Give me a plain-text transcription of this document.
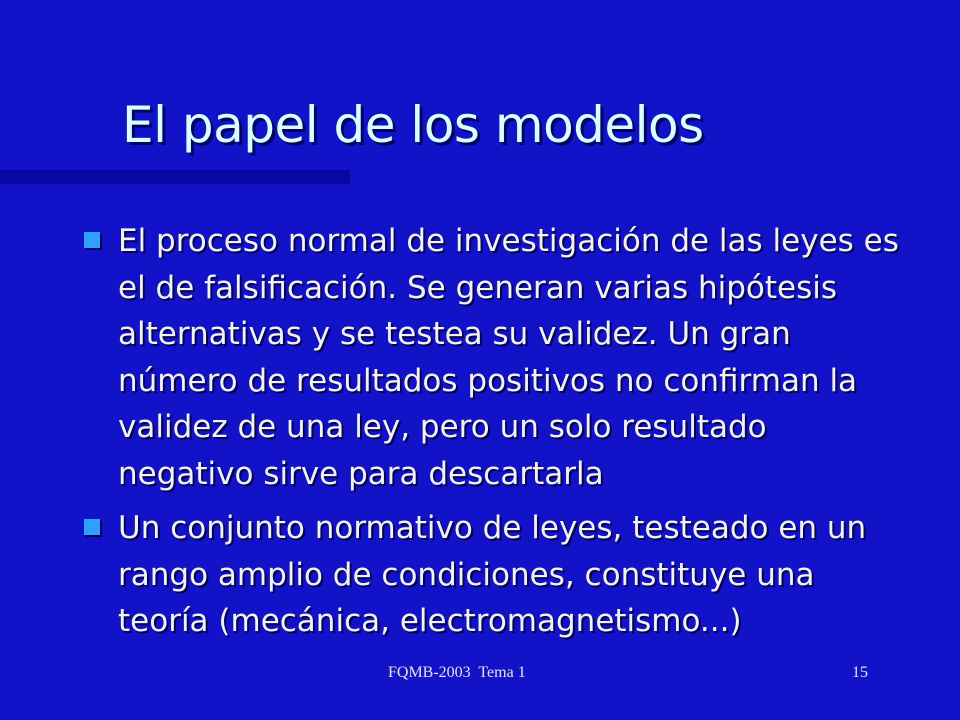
El papel de los modelos
El proceso normal de investigación de las leyes es el de falsificación. Se generan varias hipótesis alternativas y se testea su validez. Un gran número de resultados positivos no confirman la validez de una ley, pero un solo resultado negativo sirve para descartarla
Un conjunto normativo de leyes, testeado en un rango amplio de condiciones, constituye una teoría (mecánica, electromagnetismo...)
FQMB-2003  Tema 1	15
